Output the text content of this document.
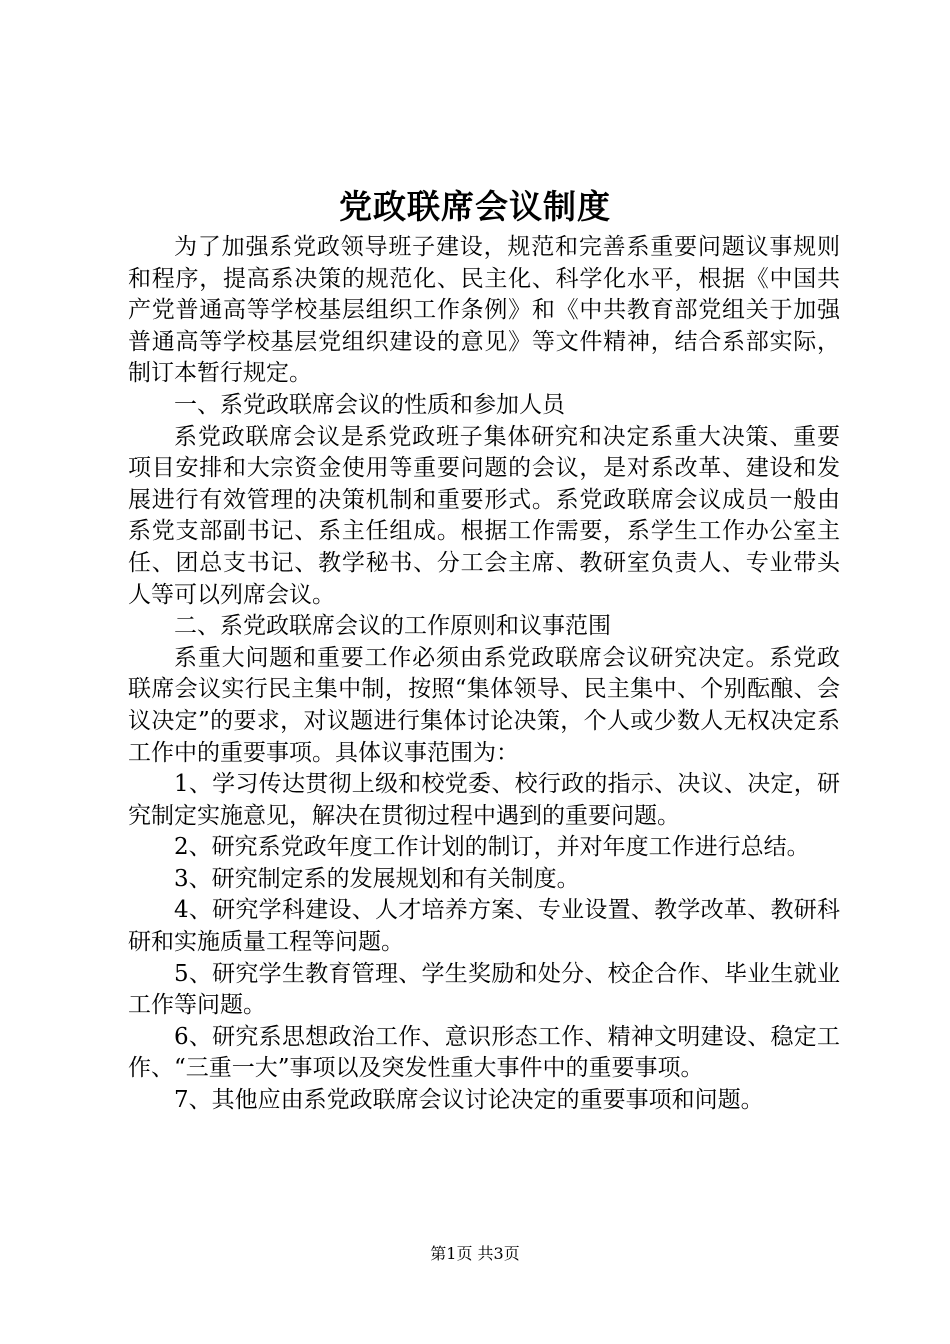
党政联席会议制度

为了加强系党政领导班子建设，规范和完善系重要问题议事规则和程序，提高系决策的规范化、民主化、科学化水平，根据《中国共产党普通高等学校基层组织工作条例》和《中共教育部党组关于加强普通高等学校基层党组织建设的意见》等文件精神，结合系部实际，制订本暂行规定。

一、系党政联席会议的性质和参加人员

系党政联席会议是系党政班子集体研究和决定系重大决策、重要项目安排和大宗资金使用等重要问题的会议，是对系改革、建设和发展进行有效管理的决策机制和重要形式。系党政联席会议成员一般由系党支部副书记、系主任组成。根据工作需要，系学生工作办公室主任、团总支书记、教学秘书、分工会主席、教研室负责人、专业带头人等可以列席会议。

二、系党政联席会议的工作原则和议事范围

系重大问题和重要工作必须由系党政联席会议研究决定。系党政联席会议实行民主集中制，按照“集体领导、民主集中、个别酝酿、会议决定”的要求，对议题进行集体讨论决策，个人或少数人无权决定系工作中的重要事项。具体议事范围为：

1、学习传达贯彻上级和校党委、校行政的指示、决议、决定，研究制定实施意见，解决在贯彻过程中遇到的重要问题。

2、研究系党政年度工作计划的制订，并对年度工作进行总结。

3、研究制定系的发展规划和有关制度。

4、研究学科建设、人才培养方案、专业设置、教学改革、教研科研和实施质量工程等问题。

5、研究学生教育管理、学生奖励和处分、校企合作、毕业生就业工作等问题。

6、研究系思想政治工作、意识形态工作、精神文明建设、稳定工作、“三重一大”事项以及突发性重大事件中的重要事项。

7、其他应由系党政联席会议讨论决定的重要事项和问题。

第1页 共3页
